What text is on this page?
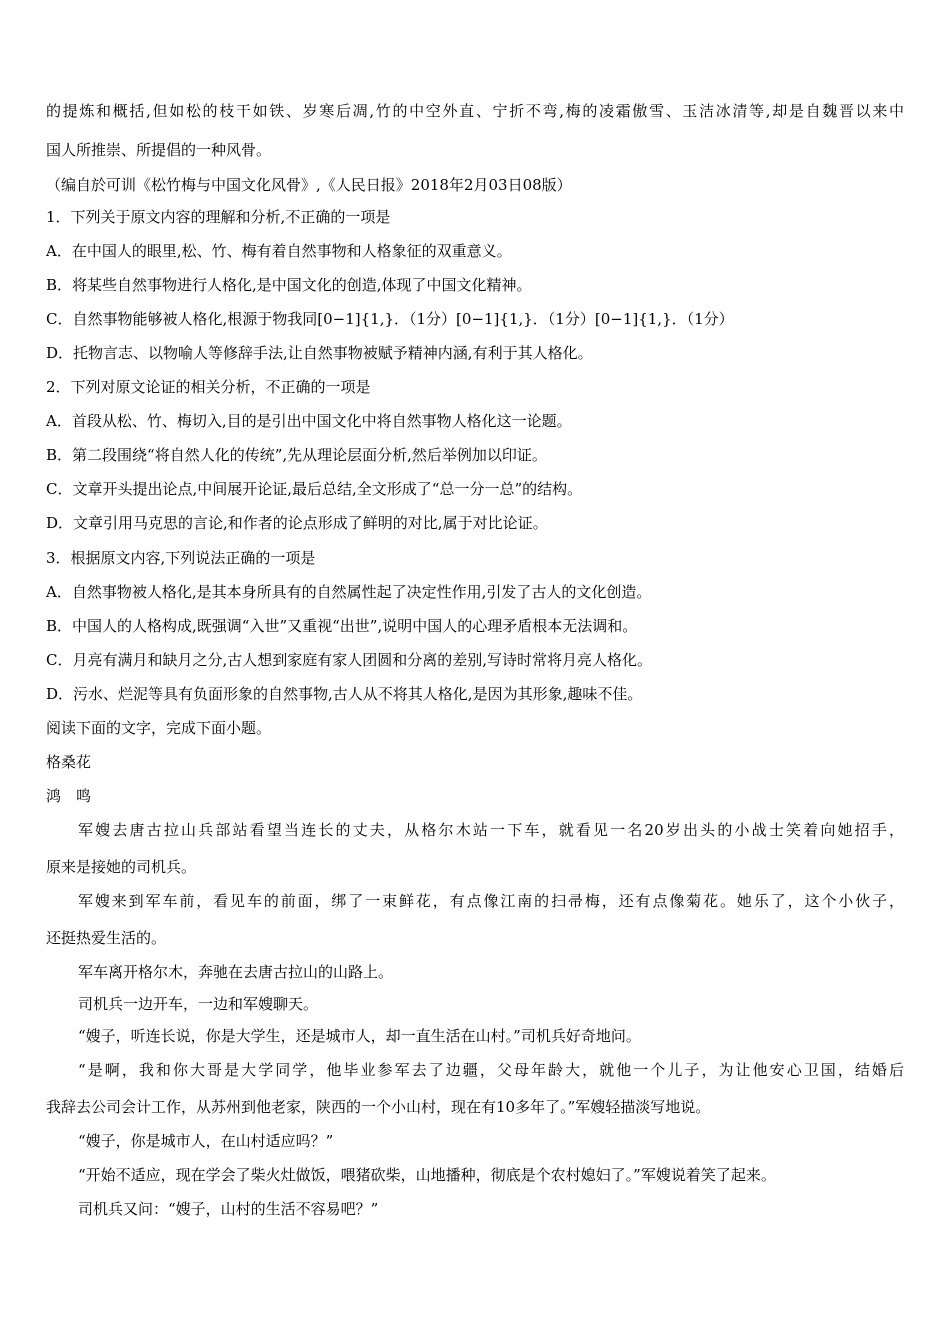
的提炼和概括,但如松的枝干如铁、岁寒后凋,竹的中空外直、宁折不弯,梅的凌霜傲雪、玉洁冰清等,却是自魏晋以来中
国人所推崇、所提倡的一种风骨。
（编自於可训《松竹梅与中国文化风骨》,《人民日报》2018年2月03日08版）
1．下列关于原文内容的理解和分析,不正确的一项是
A．在中国人的眼里,松、竹、梅有着自然事物和人格象征的双重意义。
B．将某些自然事物进行人格化,是中国文化的创造,体现了中国文化精神。
C．自然事物能够被人格化,根源于物我同[0−1]{1,}．（1分）[0−1]{1,}．（1分）[0−1]{1,}．（1分）
D．托物言志、以物喻人等修辞手法,让自然事物被赋予精神内涵,有利于其人格化。
2．下列对原文论证的相关分析，不正确的一项是
A．首段从松、竹、梅切入,目的是引出中国文化中将自然事物人格化这一论题。
B．第二段围绕“将自然人化的传统”,先从理论层面分析,然后举例加以印证。
C．文章开头提出论点,中间展开论证,最后总结,全文形成了“总一分一总”的结构。
D．文章引用马克思的言论,和作者的论点形成了鲜明的对比,属于对比论证。
3．根据原文内容,下列说法正确的一项是
A．自然事物被人格化,是其本身所具有的自然属性起了决定性作用,引发了古人的文化创造。
B．中国人的人格构成,既强调“入世”又重视“出世”,说明中国人的心理矛盾根本无法调和。
C．月亮有满月和缺月之分,古人想到家庭有家人团圆和分离的差别,写诗时常将月亮人格化。
D．污水、烂泥等具有负面形象的自然事物,古人从不将其人格化,是因为其形象,趣味不佳。
阅读下面的文字，完成下面小题。
格桑花
鸿　鸣
军嫂去唐古拉山兵部站看望当连长的丈夫，从格尔木站一下车，就看见一名20岁出头的小战士笑着向她招手，
原来是接她的司机兵。
军嫂来到军车前，看见车的前面，绑了一束鲜花，有点像江南的扫帚梅，还有点像菊花。她乐了，这个小伙子，
还挺热爱生活的。
军车离开格尔木，奔驰在去唐古拉山的山路上。
司机兵一边开车，一边和军嫂聊天。
“嫂子，听连长说，你是大学生，还是城市人，却一直生活在山村。”司机兵好奇地问。
“是啊，我和你大哥是大学同学，他毕业参军去了边疆，父母年龄大，就他一个儿子，为让他安心卫国，结婚后
我辞去公司会计工作，从苏州到他老家，陕西的一个小山村，现在有10多年了。”军嫂轻描淡写地说。
“嫂子，你是城市人，在山村适应吗？”
“开始不适应，现在学会了柴火灶做饭，喂猪砍柴，山地播种，彻底是个农村媳妇了。”军嫂说着笑了起来。
司机兵又问：“嫂子，山村的生活不容易吧？”
